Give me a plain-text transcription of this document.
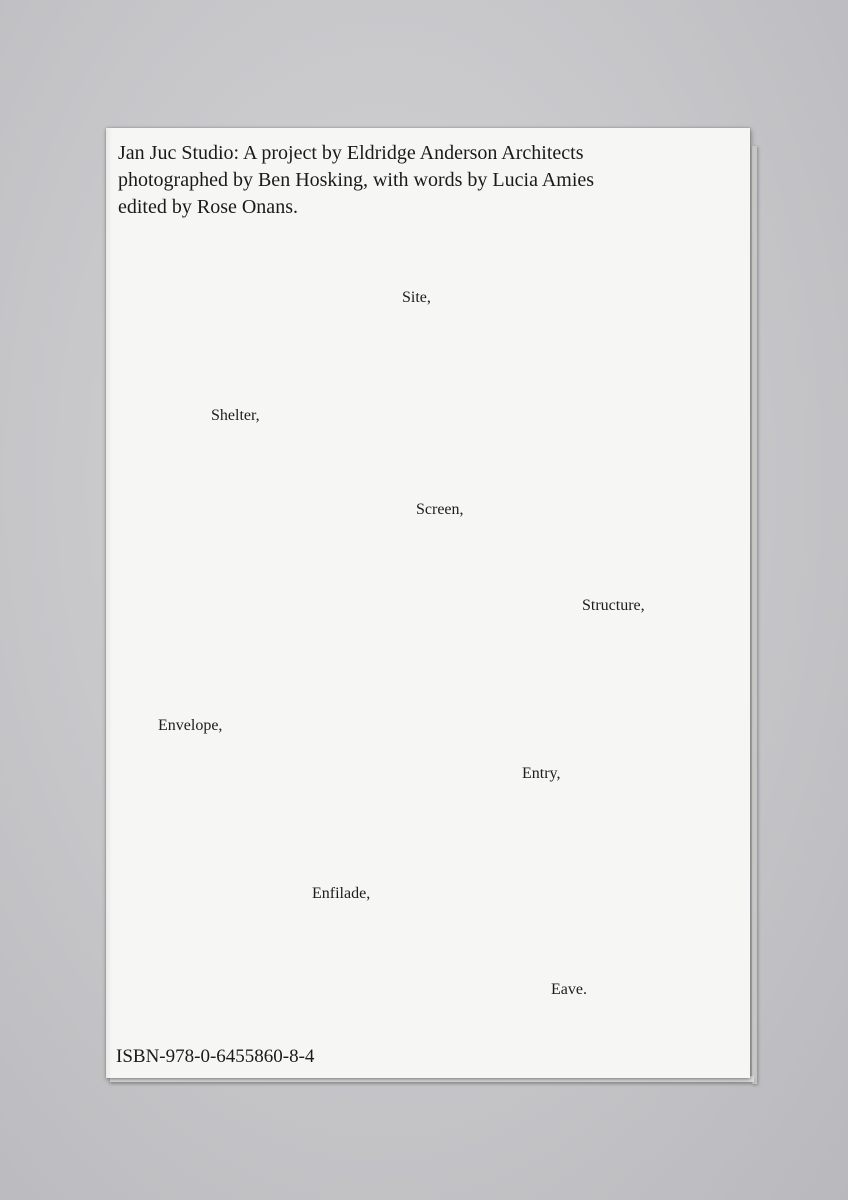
Jan Juc Studio: A project by Eldridge Anderson Architects
photographed by Ben Hosking, with words by Lucia Amies
edited by Rose Onans.
Site,
Shelter,
Screen,
Structure,
Envelope,
Entry,
Enfilade,
Eave.
ISBN-978-0-6455860-8-4
